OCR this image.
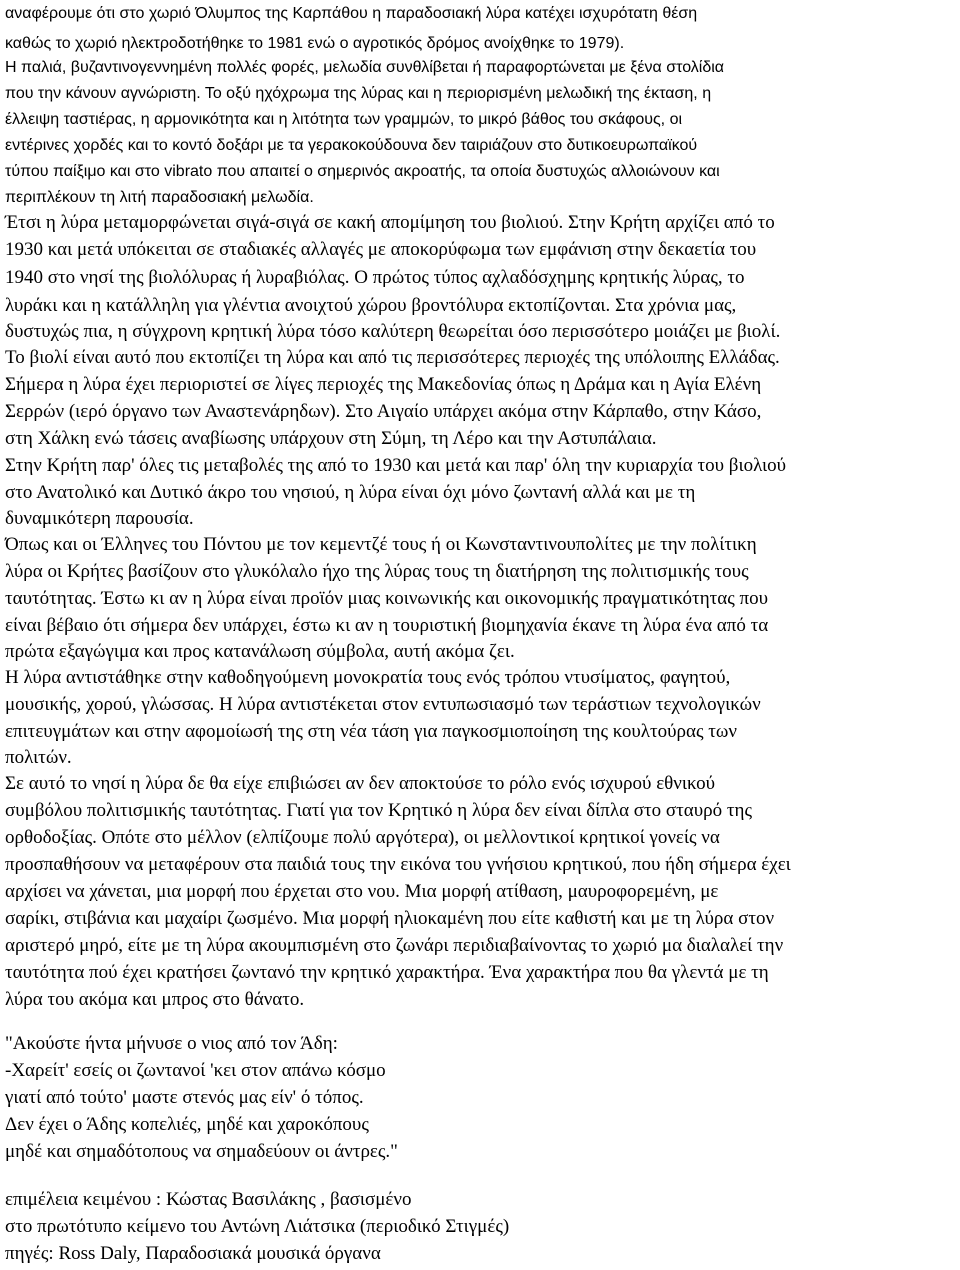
αναφέρουμε ότι στο χωριό Όλυμπος της Καρπάθου η παραδοσιακή λύρα κατέχει ισχυρότατη θέση
καθώς το χωριό ηλεκτροδοτήθηκε το 1981 ενώ ο αγροτικός δρόμος ανοίχθηκε το 1979).
Η παλιά, βυζαντινογεννημένη πολλές φορές, μελωδία συνθλίβεται ή παραφορτώνεται με ξένα στολίδια
που την κάνουν αγνώριστη. Το οξύ ηχόχρωμα της λύρας και η περιορισμένη μελωδική της έκταση, η
έλλειψη ταστιέρας, η αρμονικότητα και η λιτότητα των γραμμών, το μικρό βάθος του σκάφους, οι
εντέρινες χορδές και το κοντό δοξάρι με τα γερακοκούδουνα δεν ταιριάζουν στο δυτικοευρωπαϊκού
τύπου παίξιμο και στο vibrato που απαιτεί ο σημερινός ακροατής, τα οποία δυστυχώς αλλοιώνουν και
περιπλέκουν τη λιτή παραδοσιακή μελωδία.
Έτσι η λύρα μεταμορφώνεται σιγά-σιγά σε κακή απομίμηση του βιολιού. Στην Κρήτη αρχίζει από το
1930 και μετά υπόκειται σε σταδιακές αλλαγές με αποκορύφωμα των εμφάνιση στην δεκαετία του
1940 στο νησί της βιολόλυρας ή λυραβιόλας. Ο πρώτος τύπος αχλαδόσχημης κρητικής λύρας, το
λυράκι και η κατάλληλη για γλέντια ανοιχτού χώρου βροντόλυρα εκτοπίζονται. Στα χρόνια μας,
δυστυχώς πια, η σύγχρονη κρητική λύρα τόσο καλύτερη θεωρείται όσο περισσότερο μοιάζει με βιολί.
Το βιολί είναι αυτό που εκτοπίζει τη λύρα και από τις περισσότερες περιοχές της υπόλοιπης Ελλάδας.
Σήμερα η λύρα έχει περιοριστεί σε λίγες περιοχές της Μακεδονίας όπως η Δράμα και η Αγία Ελένη
Σερρών (ιερό όργανο των Αναστενάρηδων). Στο Αιγαίο υπάρχει ακόμα στην Κάρπαθο, στην Κάσο,
στη Χάλκη ενώ τάσεις αναβίωσης υπάρχουν στη Σύμη, τη Λέρο και την Αστυπάλαια.
Στην Κρήτη παρ' όλες τις μεταβολές της από το 1930 και μετά και παρ' όλη την κυριαρχία του βιολιού
στο Ανατολικό και Δυτικό άκρο του νησιού, η λύρα είναι όχι μόνο ζωντανή αλλά και με τη
δυναμικότερη παρουσία.
Όπως και οι Έλληνες του Πόντου με τον κεμεντζέ τους ή οι Κωνσταντινουπολίτες με την πολίτικη
λύρα οι Κρήτες βασίζουν στο γλυκόλαλο ήχο της λύρας τους τη διατήρηση της πολιτισμικής τους
ταυτότητας. Έστω κι αν η λύρα είναι προϊόν μιας κοινωνικής και οικονομικής πραγματικότητας που
είναι βέβαιο ότι σήμερα δεν υπάρχει, έστω κι αν η τουριστική βιομηχανία έκανε τη λύρα ένα από τα
πρώτα εξαγώγιμα και προς κατανάλωση σύμβολα, αυτή ακόμα ζει.
Η λύρα αντιστάθηκε στην καθοδηγούμενη μονοκρατία τους ενός τρόπου ντυσίματος, φαγητού,
μουσικής, χορού, γλώσσας. Η λύρα αντιστέκεται στον εντυπωσιασμό των τεράστιων τεχνολογικών
επιτευγμάτων και στην αφομοίωσή της στη νέα τάση για παγκοσμιοποίηση της κουλτούρας των
πολιτών.
Σε αυτό το νησί η λύρα δε θα είχε επιβιώσει αν δεν αποκτούσε το ρόλο ενός ισχυρού εθνικού
συμβόλου πολιτισμικής ταυτότητας. Γιατί για τον Κρητικό η λύρα δεν είναι δίπλα στο σταυρό της
ορθοδοξίας. Οπότε στο μέλλον (ελπίζουμε πολύ αργότερα), οι μελλοντικοί κρητικοί γονείς να
προσπαθήσουν να μεταφέρουν στα παιδιά τους την εικόνα του γνήσιου κρητικού, που ήδη σήμερα έχει
αρχίσει να χάνεται, μια μορφή που έρχεται στο νου. Μια μορφή ατίθαση, μαυροφορεμένη, με
σαρίκι, στιβάνια και μαχαίρι ζωσμένο. Μια μορφή ηλιοκαμένη που είτε καθιστή και με τη λύρα στον
αριστερό μηρό, είτε με τη λύρα ακουμπισμένη στο ζωνάρι περιδιαβαίνοντας το χωριό μα διαλαλεί την
ταυτότητα πού έχει κρατήσει ζωντανό την κρητικό χαρακτήρα. Ένα χαρακτήρα που θα γλεντά με τη
λύρα του ακόμα και μπρος στο θάνατο.
"Ακούστε ήντα μήνυσε ο νιος από τον Άδη:
-Χαρείτ' εσείς οι ζωντανοί 'κει στον απάνω κόσμο
γιατί από τούτο' μαστε στενός μας είν' ό τόπος.
Δεν έχει ο Άδης κοπελιές, μηδέ και χαροκόπους
μηδέ και σημαδότοπους να σημαδεύουν οι άντρες."
επιμέλεια κειμένου : Κώστας Βασιλάκης , βασισμένο
στο πρωτότυπο κείμενο του Αντώνη Λιάτσικα (περιοδικό Στιγμές)
πηγές: Ross Daly, Παραδοσιακά μουσικά όργανα
